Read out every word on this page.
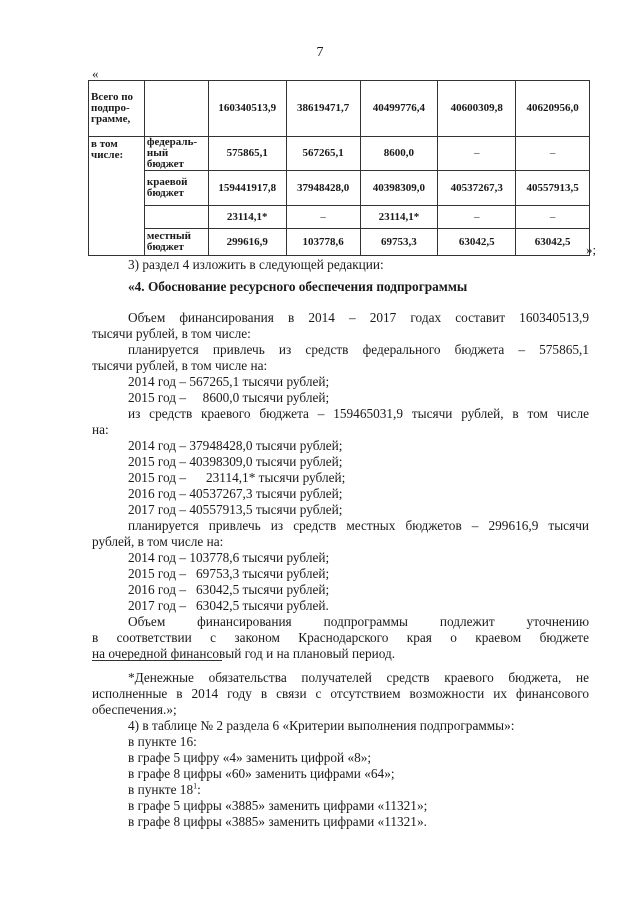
7
«
Всего по подпро-граммe,		160340513,9	38619471,7	40499776,4	40600309,8	40620956,0
в том числе:	федераль-ный бюджет	575865,1	567265,1	8600,0	–	–
	краевой бюджет	159441917,8	37948428,0	40398309,0	40537267,3	40557913,5
		23114,1*	–	23114,1*	–	–
	местный бюджет	299616,9	103778,6	69753,3	63042,5	63042,5
»;
3) раздел 4 изложить в следующей редакции:
«4. Обоснование ресурсного обеспечения подпрограммы
Объем финансирования в 2014 – 2017 годах составит 160340513,9
тысячи рублей, в том числе:
планируется привлечь из средств федерального бюджета – 575865,1
тысячи рублей, в том числе на:
2014 год – 567265,1 тысячи рублей;
2015 год –     8600,0 тысячи рублей;
из средств краевого бюджета – 159465031,9 тысячи рублей, в том числе
на:
2014 год – 37948428,0 тысячи рублей;
2015 год – 40398309,0 тысячи рублей;
2015 год –      23114,1* тысячи рублей;
2016 год – 40537267,3 тысячи рублей;
2017 год – 40557913,5 тысячи рублей;
планируется привлечь из средств местных бюджетов – 299616,9 тысячи
рублей, в том числе на:
2014 год – 103778,6 тысячи рублей;
2015 год –   69753,3 тысячи рублей;
2016 год –   63042,5 тысячи рублей;
2017 год –   63042,5 тысячи рублей.
Объем финансирования подпрограммы подлежит уточнению
в соответствии с законом Краснодарского края о краевом бюджете
на очередной финансовый год и на плановый период.
*Денежные обязательства получателей средств краевого бюджета, не
исполненные в 2014 году в связи с отсутствием возможности их финансового
обеспечения.»;
4) в таблице № 2 раздела 6 «Критерии выполнения подпрограммы»:
в пункте 16:
в графе 5 цифру «4» заменить цифрой «8»;
в графе 8 цифры «60» заменить цифрами «64»;
в пункте $18^1$:
в графе 5 цифры «3885» заменить цифрами «11321»;
в графе 8 цифры «3885» заменить цифрами «11321».
